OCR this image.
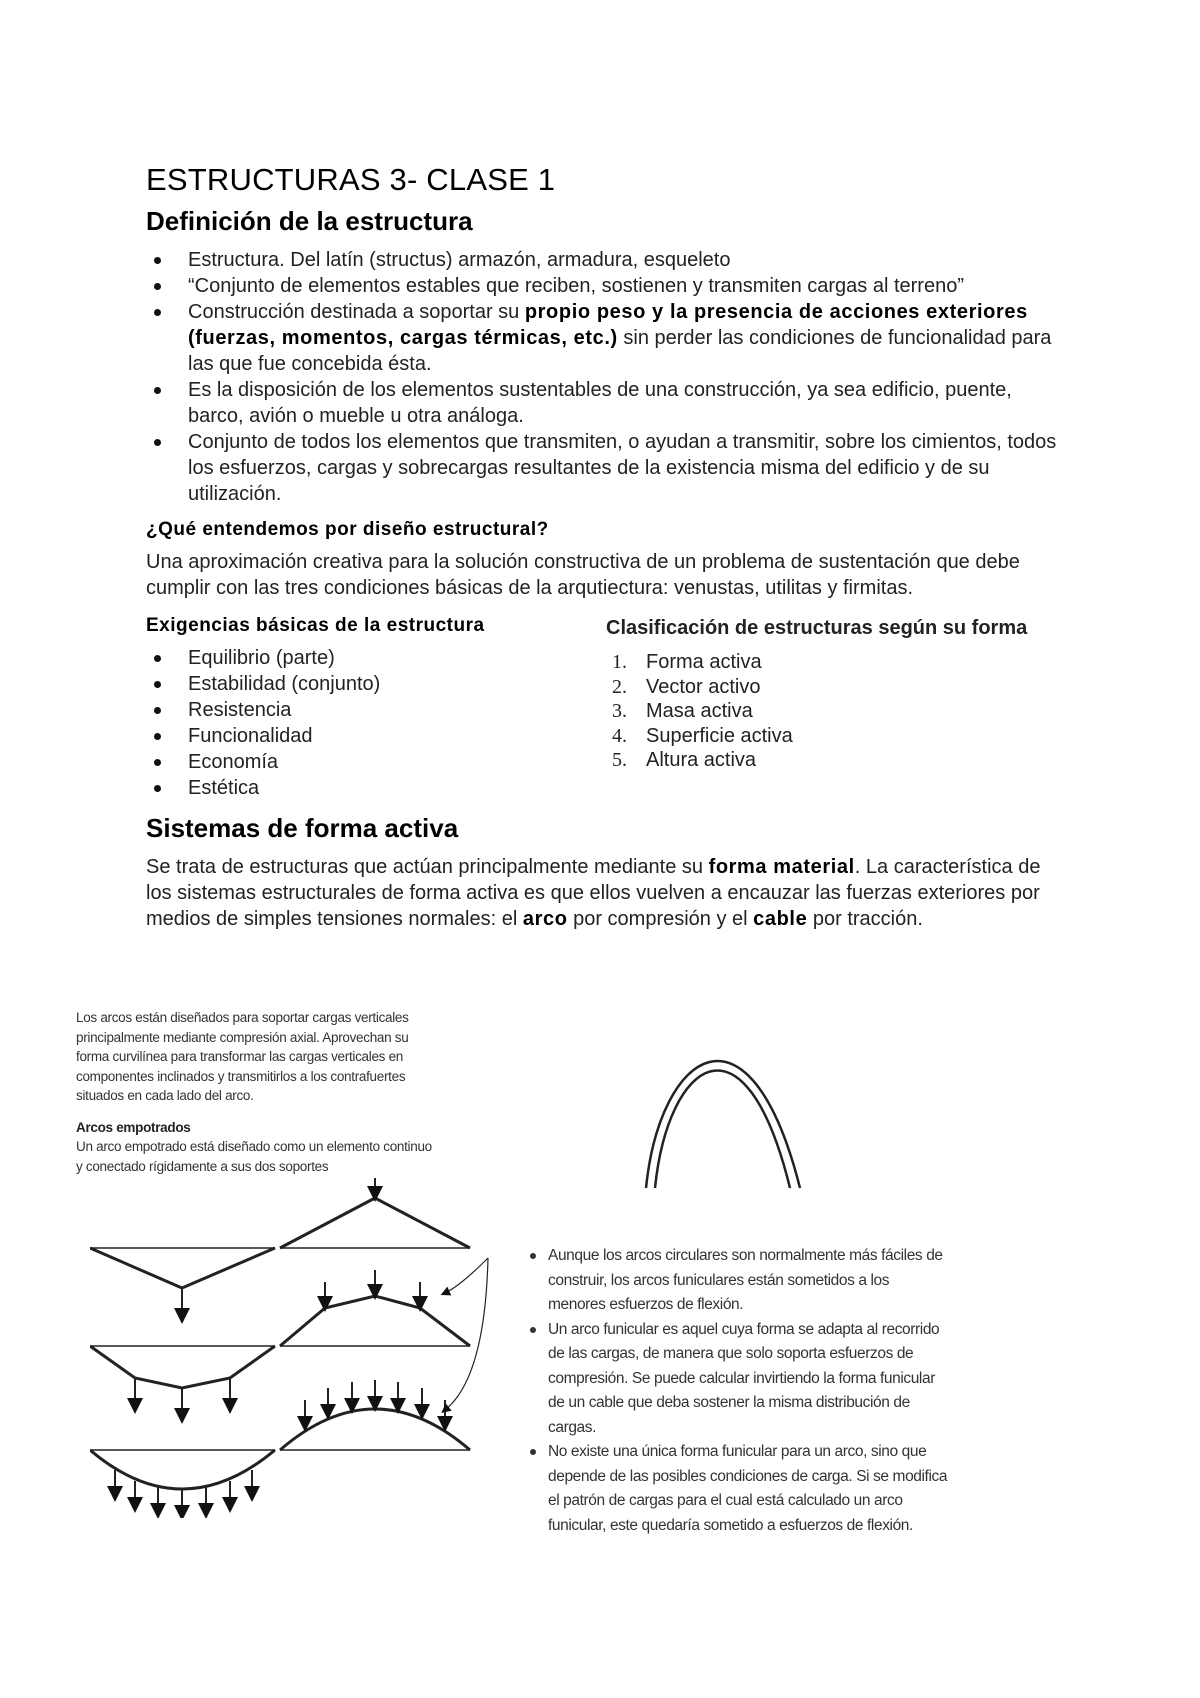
ESTRUCTURAS 3- CLASE 1
Definición de la estructura
Estructura. Del latín (structus) armazón, armadura, esqueleto
“Conjunto de elementos estables que reciben, sostienen y transmiten cargas al terreno”
Construcción destinada a soportar su propio peso y la presencia de acciones exteriores (fuerzas, momentos, cargas térmicas, etc.) sin perder las condiciones de funcionalidad para las que fue concebida ésta.
Es la disposición de los elementos sustentables de una construcción, ya sea edificio, puente, barco, avión o mueble u otra análoga.
Conjunto de todos los elementos que transmiten, o ayudan a transmitir, sobre los cimientos, todos los esfuerzos, cargas y sobrecargas resultantes de la existencia misma del edificio y de su utilización.
¿Qué entendemos por diseño estructural?

Una aproximación creativa para la solución constructiva de un problema de sustentación que debe cumplir con las tres condiciones básicas de la arqutiectura: venustas, utilitas y firmitas.

Exigencias básicas de la estructura
Equilibrio (parte)
Estabilidad (conjunto)
Resistencia
Funcionalidad
Economía
Estética
Clasificación de estructuras según su forma
1. Forma activa
2. Vector activo
3. Masa activa
4. Superficie activa
5. Altura activa
Sistemas de forma activa

Se trata de estructuras que actúan principalmente mediante su forma material. La característica de los sistemas estructurales de forma activa es que ellos vuelven a encauzar las fuerzas exteriores por medios de simples tensiones normales: el arco por compresión y el cable por tracción.

Los arcos están diseñados para soportar cargas verticales principalmente mediante compresión axial. Aprovechan su forma curvilínea para transformar las cargas verticales en componentes inclinados y transmitirlos a los contrafuertes situados en cada lado del arco.
Arcos empotrados
Un arco empotrado está diseñado como un elemento continuo y conectado rígidamente a sus dos soportes
Aunque los arcos circulares son normalmente más fáciles de construir, los arcos funiculares están sometidos a los menores esfuerzos de flexión.
Un arco funicular es aquel cuya forma se adapta al recorrido de las cargas, de manera que solo soporta esfuerzos de compresión. Se puede calcular invirtiendo la forma funicular de un cable que deba sostener la misma distribución de cargas.
No existe una única forma funicular para un arco, sino que depende de las posibles condiciones de carga. Si se modifica el patrón de cargas para el cual está calculado un arco funicular, este quedaría sometido a esfuerzos de flexión.
